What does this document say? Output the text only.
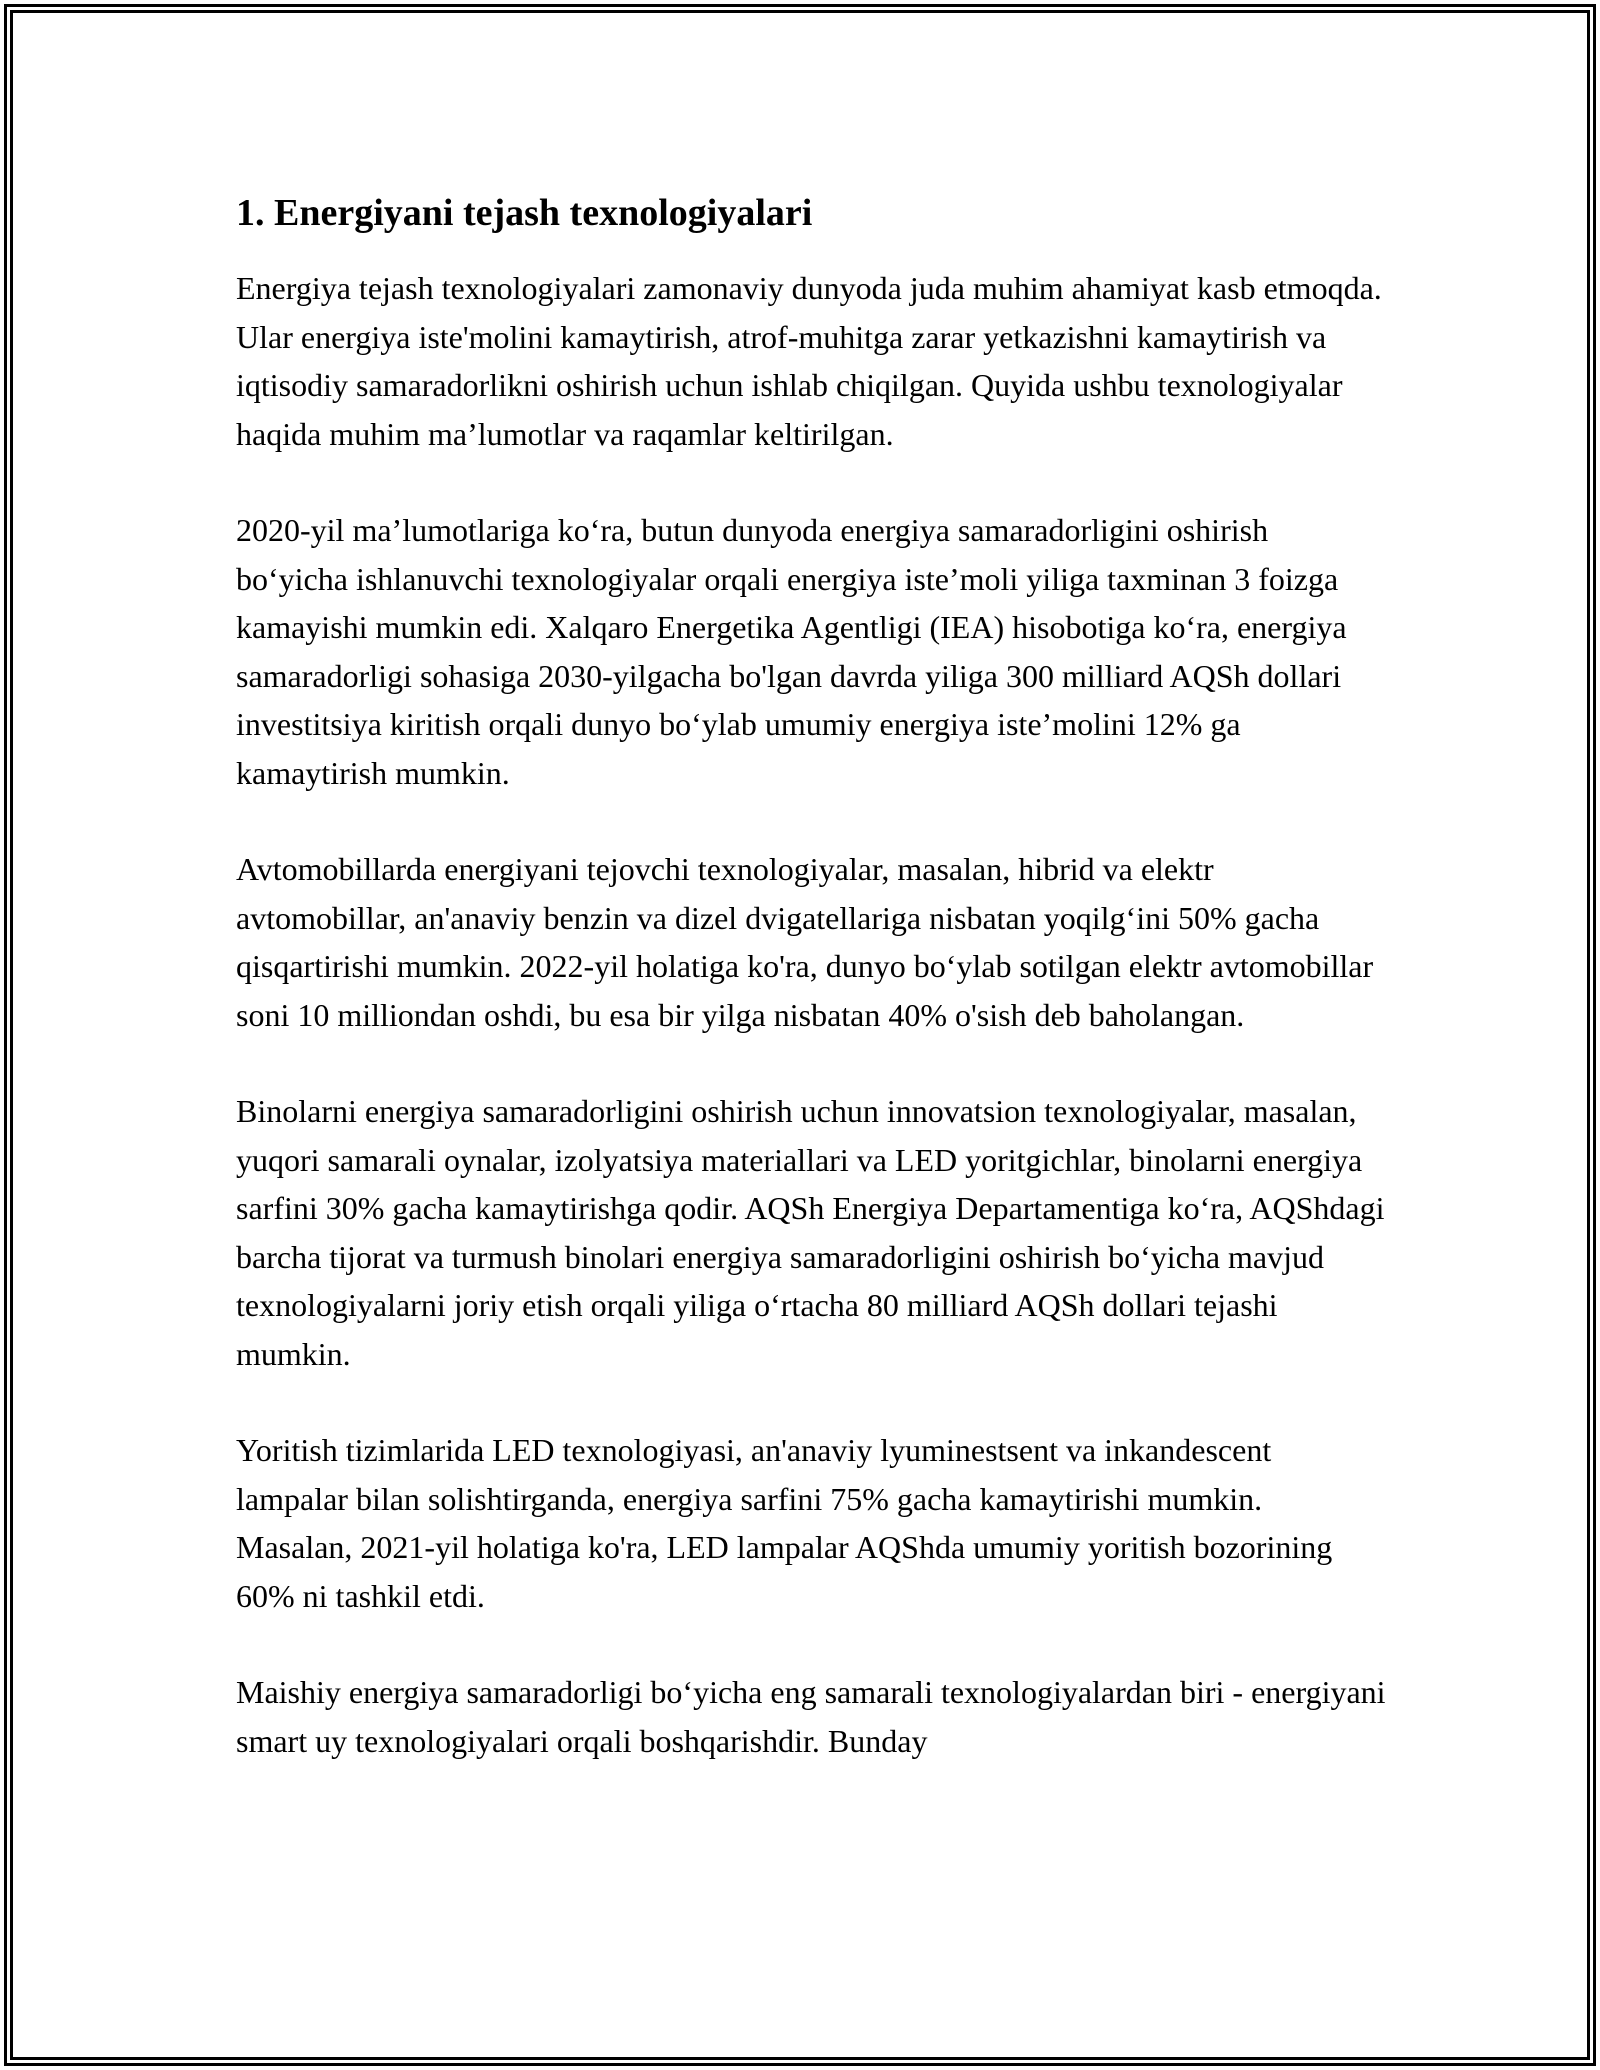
1. Energiyani tejash texnologiyalari

Energiya tejash texnologiyalari zamonaviy dunyoda juda muhim ahamiyat kasb etmoqda. Ular energiya iste'molini kamaytirish, atrof-muhitga zarar yetkazishni kamaytirish va iqtisodiy samaradorlikni oshirish uchun ishlab chiqilgan. Quyida ushbu texnologiyalar haqida muhim ma’lumotlar va raqamlar keltirilgan.

2020-yil ma’lumotlariga ko‘ra, butun dunyoda energiya samaradorligini oshirish bo‘yicha ishlanuvchi texnologiyalar orqali energiya iste’moli yiliga taxminan 3 foizga kamayishi mumkin edi. Xalqaro Energetika Agentligi (IEA) hisobotiga ko‘ra, energiya samaradorligi sohasiga 2030-yilgacha bo'lgan davrda yiliga 300 milliard AQSh dollari investitsiya kiritish orqali dunyo bo‘ylab umumiy energiya iste’molini 12% ga kamaytirish mumkin.

Avtomobillarda energiyani tejovchi texnologiyalar, masalan, hibrid va elektr avtomobillar, an'anaviy benzin va dizel dvigatellariga nisbatan yoqilg‘ini 50% gacha qisqartirishi mumkin. 2022-yil holatiga ko'ra, dunyo bo‘ylab sotilgan elektr avtomobillar soni 10 milliondan oshdi, bu esa bir yilga nisbatan 40% o'sish deb baholangan.

Binolarni energiya samaradorligini oshirish uchun innovatsion texnologiyalar, masalan, yuqori samarali oynalar, izolyatsiya materiallari va LED yoritgichlar, binolarni energiya sarfini 30% gacha kamaytirishga qodir. AQSh Energiya Departamentiga ko‘ra, AQShdagi barcha tijorat va turmush binolari energiya samaradorligini oshirish bo‘yicha mavjud texnologiyalarni joriy etish orqali yiliga o‘rtacha 80 milliard AQSh dollari tejashi mumkin.

Yoritish tizimlarida LED texnologiyasi, an'anaviy lyuminestsent va inkandescent lampalar bilan solishtirganda, energiya sarfini 75% gacha kamaytirishi mumkin. Masalan, 2021-yil holatiga ko'ra, LED lampalar AQShda umumiy yoritish bozorining 60% ni tashkil etdi.

Maishiy energiya samaradorligi bo‘yicha eng samarali texnologiyalardan biri - energiyani smart uy texnologiyalari orqali boshqarishdir. Bunday
